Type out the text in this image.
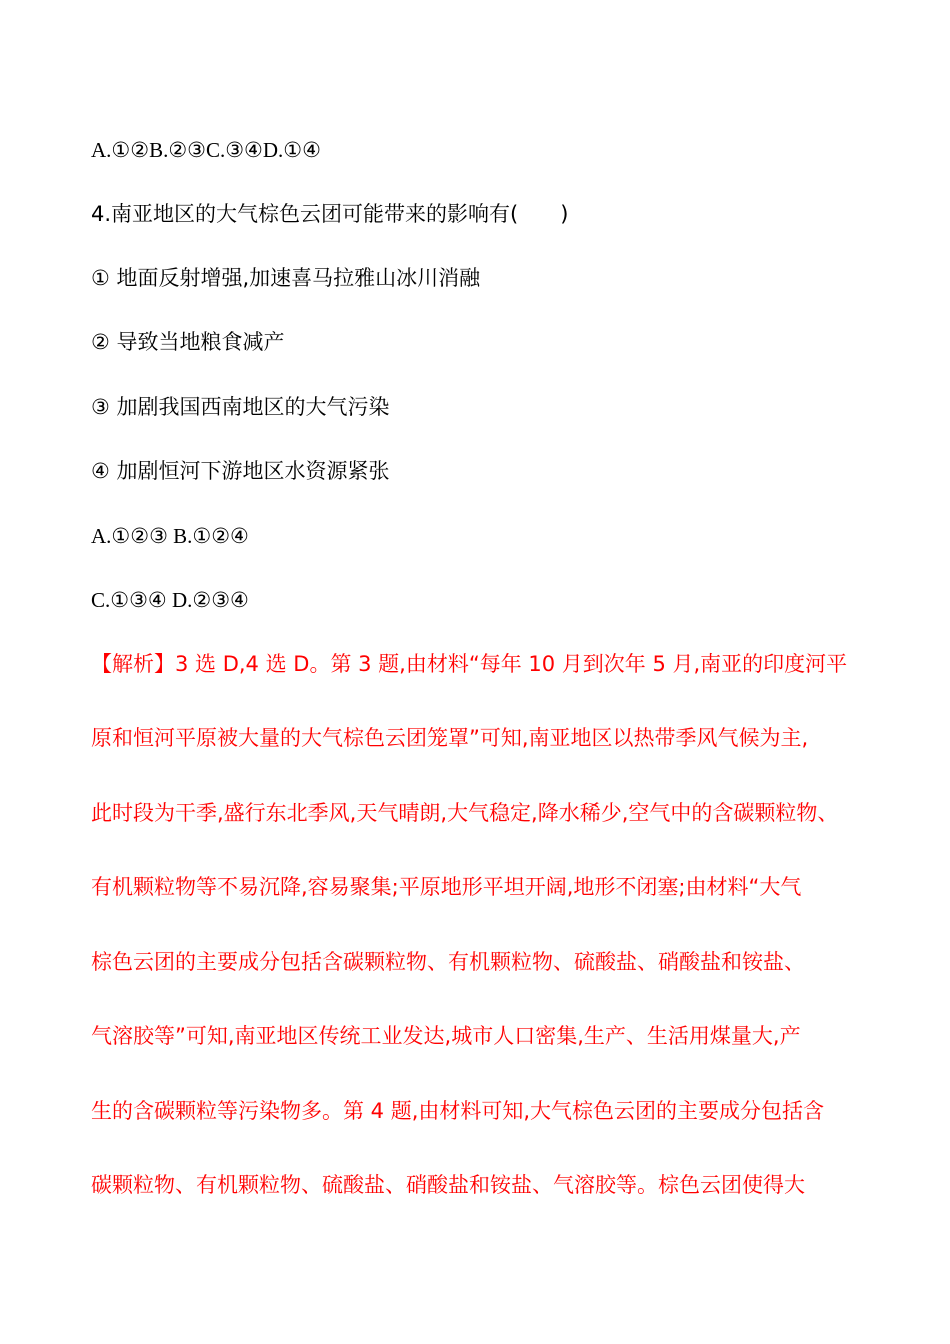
A.①②B.②③C.③④D.①④
4.南亚地区的大气棕色云团可能带来的影响有(　　)
① 地面反射增强,加速喜马拉雅山冰川消融
② 导致当地粮食减产
③ 加剧我国西南地区的大气污染
④ 加剧恒河下游地区水资源紧张
A.①②③ B.①②④
C.①③④ D.②③④
【解析】3 选 D,4 选 D。第 3 题,由材料“每年 10 月到次年 5 月,南亚的印度河平
原和恒河平原被大量的大气棕色云团笼罩”可知,南亚地区以热带季风气候为主,
此时段为干季,盛行东北季风,天气晴朗,大气稳定,降水稀少,空气中的含碳颗粒物、
有机颗粒物等不易沉降,容易聚集;平原地形平坦开阔,地形不闭塞;由材料“大气
棕色云团的主要成分包括含碳颗粒物、有机颗粒物、硫酸盐、硝酸盐和铵盐、
气溶胶等”可知,南亚地区传统工业发达,城市人口密集,生产、生活用煤量大,产
生的含碳颗粒等污染物多。第 4 题,由材料可知,大气棕色云团的主要成分包括含
碳颗粒物、有机颗粒物、硫酸盐、硝酸盐和铵盐、气溶胶等。棕色云团使得大
